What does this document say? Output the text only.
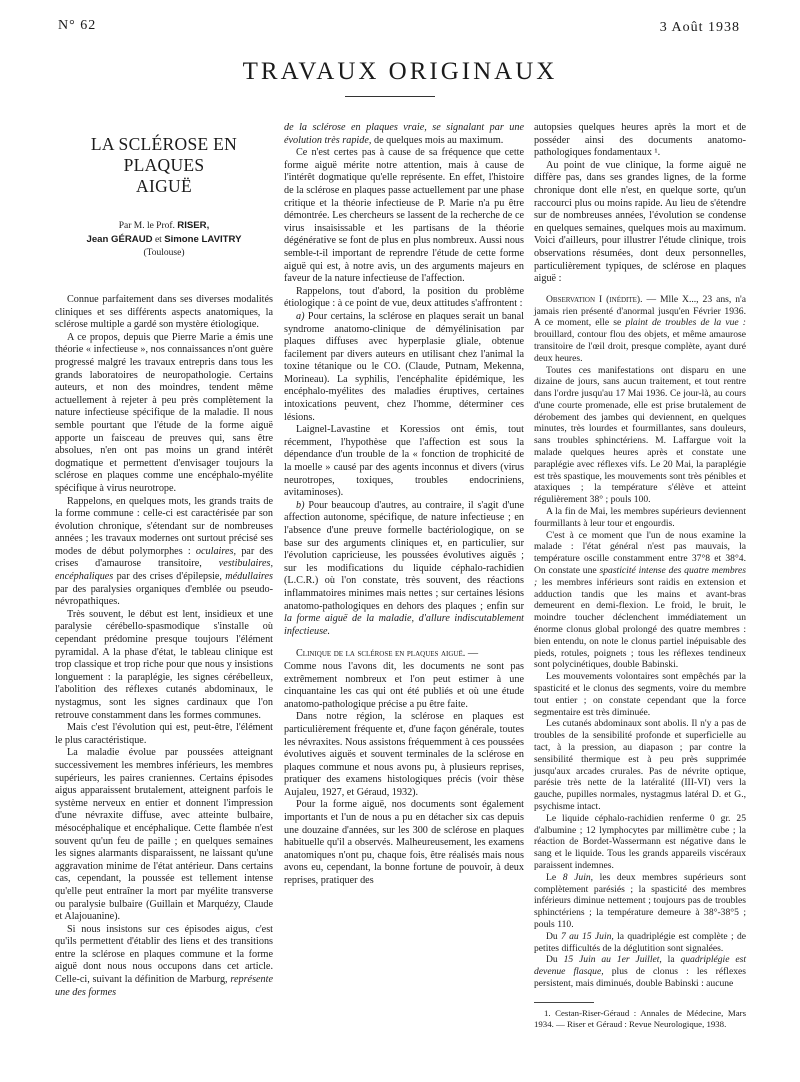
N° 62	3 Août 1938
TRAVAUX ORIGINAUX
LA SCLÉROSE EN PLAQUES
AIGUË
Par M. le Prof. RISER,
Jean GÉRAUD et Simone LAVITRY
(Toulouse)

Connue parfaitement dans ses diverses modalités cliniques et ses différents aspects anatomiques, la sclérose multiple a gardé son mystère étiologique.

A ce propos, depuis que Pierre Marie a émis une théorie « infectieuse », nos connaissances n'ont guère progressé malgré les travaux entrepris dans tous les grands laboratoires de neuropathologie. Certains auteurs, et non des moindres, tendent même actuellement à rejeter à peu près complètement la nature infectieuse spécifique de la maladie. Il nous semble pourtant que l'étude de la forme aiguë apporte un faisceau de preuves qui, sans être absolues, n'en ont pas moins un grand intérêt dogmatique et permettent d'envisager toujours la sclérose en plaques comme une encéphalo-myélite spécifique à virus neurotrope.

Rappelons, en quelques mots, les grands traits de la forme commune : celle-ci est caractérisée par son évolution chronique, s'étendant sur de nombreuses années ; les travaux modernes ont surtout précisé ses modes de début polymorphes : oculaires, par des crises d'amaurose transitoire, vestibulaires, encéphaliques par des crises d'épilepsie, médullaires par des paralysies organiques d'emblée ou pseudo-névropathiques.

Très souvent, le début est lent, insidieux et une paralysie cérébello-spasmodique s'installe où cependant prédomine presque toujours l'élément pyramidal. A la phase d'état, le tableau clinique est trop classique et trop riche pour que nous y insistions longuement : la paraplégie, les signes cérébelleux, l'abolition des réflexes cutanés abdominaux, le nystagmus, sont les signes cardinaux que l'on retrouve constamment dans les formes communes.

Mais c'est l'évolution qui est, peut-être, l'élément le plus caractéristique.

La maladie évolue par poussées atteignant successivement les membres inférieurs, les membres supérieurs, les paires craniennes. Certains épisodes aigus apparaissent brutalement, atteignent parfois le système nerveux en entier et donnent l'impression d'une névraxite diffuse, avec atteinte bulbaire, mésocéphalique et encéphalique. Cette flambée n'est souvent qu'un feu de paille ; en quelques semaines les signes alarmants disparaissent, ne laissant qu'une aggravation minime de l'état antérieur. Dans certains cas, cependant, la poussée est tellement intense qu'elle peut entraîner la mort par myélite transverse ou paralysie bulbaire (Guillain et Marquézy, Claude et Alajouanine).

Si nous insistons sur ces épisodes aigus, c'est qu'ils permettent d'établir des liens et des transitions entre la sclérose en plaques commune et la forme aiguë dont nous nous occupons dans cet article. Celle-ci, suivant la définition de Marburg, représente une des formes

de la sclérose en plaques vraie, se signalant par une évolution très rapide, de quelques mois au maximum.

Ce n'est certes pas à cause de sa fréquence que cette forme aiguë mérite notre attention, mais à cause de l'intérêt dogmatique qu'elle représente. En effet, l'histoire de la sclérose en plaques passe actuellement par une phase critique et la théorie infectieuse de P. Marie n'a pu être démontrée. Les chercheurs se lassent de la recherche de ce virus insaisissable et les partisans de la théorie dégénérative se font de plus en plus nombreux. Aussi nous semble-t-il important de reprendre l'étude de cette forme aiguë qui est, à notre avis, un des arguments majeurs en faveur de la nature infectieuse de l'affection.

Rappelons, tout d'abord, la position du problème étiologique : à ce point de vue, deux attitudes s'affrontent :

a) Pour certains, la sclérose en plaques serait un banal syndrome anatomo-clinique de démyélinisation par plaques diffuses avec hyperplasie gliale, obtenue facilement par divers auteurs en utilisant chez l'animal la toxine tétanique ou le CO. (Claude, Putnam, Mekenna, Morineau). La syphilis, l'encéphalite épidémique, les encéphalo-myélites des maladies éruptives, certaines intoxications peuvent, chez l'homme, déterminer ces lésions.

Laignel-Lavastine et Koressios ont émis, tout récemment, l'hypothèse que l'affection est sous la dépendance d'un trouble de la « fonction de trophicité de la moelle » causé par des agents inconnus et divers (virus neurotropes, toxiques, troubles endocriniens, avitaminoses).

b) Pour beaucoup d'autres, au contraire, il s'agit d'une affection autonome, spécifique, de nature infectieuse ; en l'absence d'une preuve formelle bactériologique, on se base sur des arguments cliniques et, en particulier, sur l'évolution capricieuse, les poussées évolutives aiguës ; sur les modifications du liquide céphalo-rachidien (L.C.R.) où l'on constate, très souvent, des réactions inflammatoires minimes mais nettes ; sur certaines lésions anatomo-pathologiques en dehors des plaques ; enfin sur la forme aiguë de la maladie, d'allure indiscutablement infectieuse.

Clinique de la sclérose en plaques aiguë. —

Comme nous l'avons dit, les documents ne sont pas extrêmement nombreux et l'on peut estimer à une cinquantaine les cas qui ont été publiés et où une étude anatomo-pathologique précise a pu être faite.

Dans notre région, la sclérose en plaques est particulièrement fréquente et, d'une façon générale, toutes les névraxites. Nous assistons fréquemment à ces poussées évolutives aiguës et souvent terminales de la sclérose en plaques commune et nous avons pu, à plusieurs reprises, pratiquer des examens histologiques précis (voir thèse Aujaleu, 1927, et Géraud, 1932).

Pour la forme aiguë, nos documents sont également importants et l'un de nous a pu en détacher six cas depuis une douzaine d'années, sur les 300 de sclérose en plaques habituelle qu'il a observés. Malheureusement, les examens anatomiques n'ont pu, chaque fois, être réalisés mais nous avons eu, cependant, la bonne fortune de pouvoir, à deux reprises, pratiquer des

autopsies quelques heures après la mort et de posséder ainsi des documents anatomo-pathologiques fondamentaux ¹.

Au point de vue clinique, la forme aiguë ne diffère pas, dans ses grandes lignes, de la forme chronique dont elle n'est, en quelque sorte, qu'un raccourci plus ou moins rapide. Au lieu de s'étendre sur de nombreuses années, l'évolution se condense en quelques semaines, quelques mois au maximum. Voici d'ailleurs, pour illustrer l'étude clinique, trois observations résumées, dont deux personnelles, particulièrement typiques, de sclérose en plaques aiguë :

Observation I (inédite). — Mlle X..., 23 ans, n'a jamais rien présenté d'anormal jusqu'en Février 1936. A ce moment, elle se plaint de troubles de la vue : brouillard, contour flou des objets, et même amaurose transitoire de l'œil droit, presque complète, ayant duré deux heures.

Toutes ces manifestations ont disparu en une dizaine de jours, sans aucun traitement, et tout rentre dans l'ordre jusqu'au 17 Mai 1936. Ce jour-là, au cours d'une courte promenade, elle est prise brutalement de dérobement des jambes qui deviennent, en quelques minutes, très lourdes et fourmillantes, sans douleurs, sans troubles sphinctériens. M. Laffargue voit la malade quelques heures après et constate une paraplégie avec réflexes vifs. Le 20 Mai, la paraplégie est très spastique, les mouvements sont très pénibles et ataxiques ; la température s'élève et atteint régulièrement 38° ; pouls 100.

A la fin de Mai, les membres supérieurs deviennent fourmillants à leur tour et engourdis.

C'est à ce moment que l'un de nous examine la malade : l'état général n'est pas mauvais, la température oscille constamment entre 37°8 et 38°4. On constate une spasticité intense des quatre membres ; les membres inférieurs sont raidis en extension et adduction tandis que les mains et avant-bras demeurent en demi-flexion. Le froid, le bruit, le moindre toucher déclenchent immédiatement un énorme clonus global prolongé des quatre membres : bien entendu, on note le clonus partiel inépuisable des pieds, rotules, poignets ; tous les réflexes tendineux sont polycinétiques, double Babinski.

Les mouvements volontaires sont empêchés par la spasticité et le clonus des segments, voire du membre tout entier ; on constate cependant que la force segmentaire est très diminuée.

Les cutanés abdominaux sont abolis. Il n'y a pas de troubles de la sensibilité profonde et superficielle au tact, à la pression, au diapason ; par contre la sensibilité thermique est à peu près supprimée jusqu'aux arcades crurales. Pas de névrite optique, parésie très nette de la latéralité (III-VI) vers la gauche, pupilles normales, nystagmus latéral D. et G., psychisme intact.

Le liquide céphalo-rachidien renferme 0 gr. 25 d'albumine ; 12 lymphocytes par millimètre cube ; la réaction de Bordet-Wassermann est négative dans le sang et le liquide. Tous les grands appareils viscéraux paraissent indemnes.

Le 8 Juin, les deux membres supérieurs sont complètement parésiés ; la spasticité des membres inférieurs diminue nettement ; toujours pas de troubles sphinctériens ; la température demeure à 38°-38°5 ; pouls 110.

Du 7 au 15 Juin, la quadriplégie est complète ; de petites difficultés de la déglutition sont signalées.

Du 15 Juin au 1er Juillet, la quadriplégie est devenue flasque, plus de clonus : les réflexes persistent, mais diminués, double Babinski : aucune

1. Cestan-Riser-Géraud : Annales de Médecine, Mars 1934. — Riser et Géraud : Revue Neurologique, 1938.
